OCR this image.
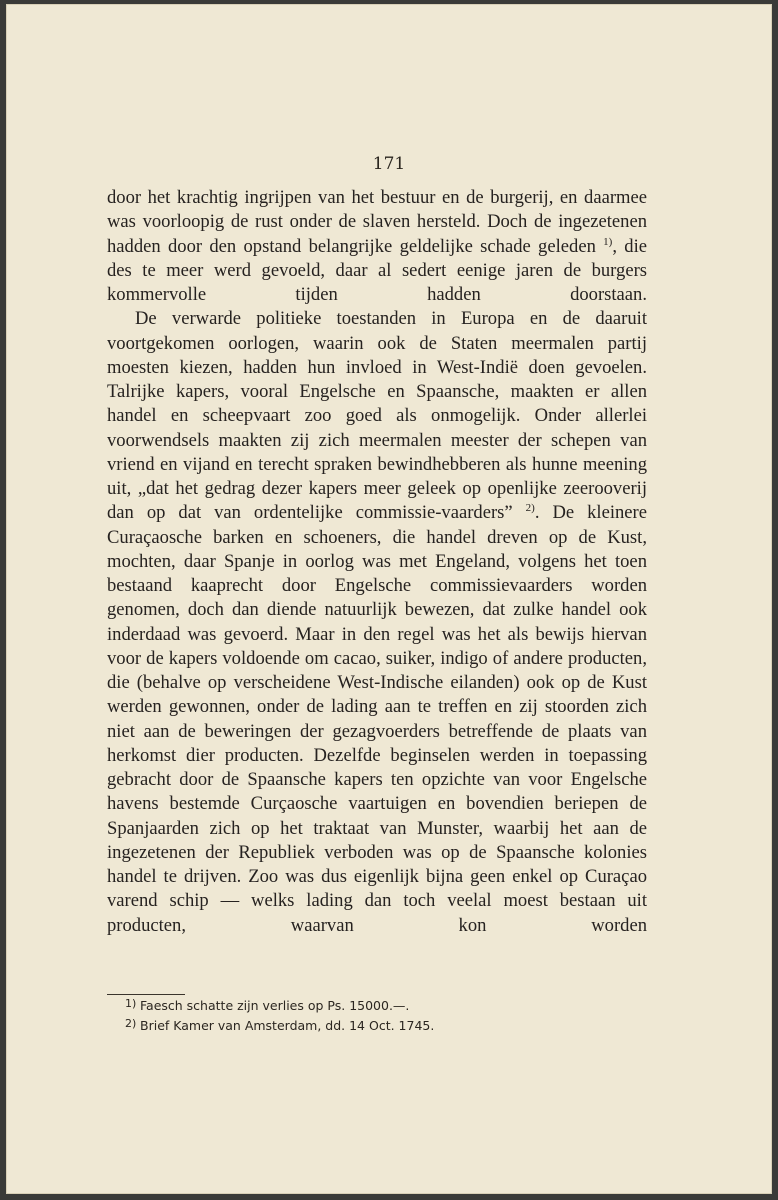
171

door het krachtig ingrijpen van het bestuur en de burgerij, en daarmee was voorloopig de rust onder de slaven hersteld. Doch de ingezetenen hadden door den opstand belangrijke geldelijke schade geleden $^{1)}$, die des te meer werd gevoeld, daar al sedert eenige jaren de burgers kommervolle tijden hadden doorstaan.

De verwarde politieke toestanden in Europa en de daaruit voortgekomen oorlogen, waarin ook de Staten meermalen partij moesten kiezen, hadden hun invloed in West-Indië doen gevoelen. Talrijke kapers, vooral Engelsche en Spaansche, maakten er allen handel en scheepvaart zoo goed als onmogelijk. Onder allerlei voorwendsels maakten zij zich meermalen meester der schepen van vriend en vijand en terecht spraken bewindhebberen als hunne meening uit, „dat het gedrag dezer kapers meer geleek op openlijke zeerooverij dan op dat van ordentelijke commissie-vaarders” $^{2)}$. De kleinere Curaçaosche barken en schoeners, die handel dreven op de Kust, mochten, daar Spanje in oorlog was met Engeland, volgens het toen bestaand kaaprecht door Engelsche commissievaarders worden genomen, doch dan diende natuurlijk bewezen, dat zulke handel ook inderdaad was gevoerd. Maar in den regel was het als bewijs hiervan voor de kapers voldoende om cacao, suiker, indigo of andere producten, die (behalve op verscheidene West-Indische eilanden) ook op de Kust werden gewonnen, onder de lading aan te treffen en zij stoorden zich niet aan de beweringen der gezagvoerders betreffende de plaats van herkomst dier producten. Dezelfde beginselen werden in toepassing gebracht door de Spaansche kapers ten opzichte van voor Engelsche havens bestemde Curçaosche vaartuigen en bovendien beriepen de Spanjaarden zich op het traktaat van Munster, waarbij het aan de ingezetenen der Republiek verboden was op de Spaansche kolonies handel te drijven. Zoo was dus eigenlijk bijna geen enkel op Curaçao varend schip — welks lading dan toch veelal moest bestaan uit producten, waarvan kon worden

1) Faesch schatte zijn verlies op Ps. 15000.—.
2) Brief Kamer van Amsterdam, dd. 14 Oct. 1745.
